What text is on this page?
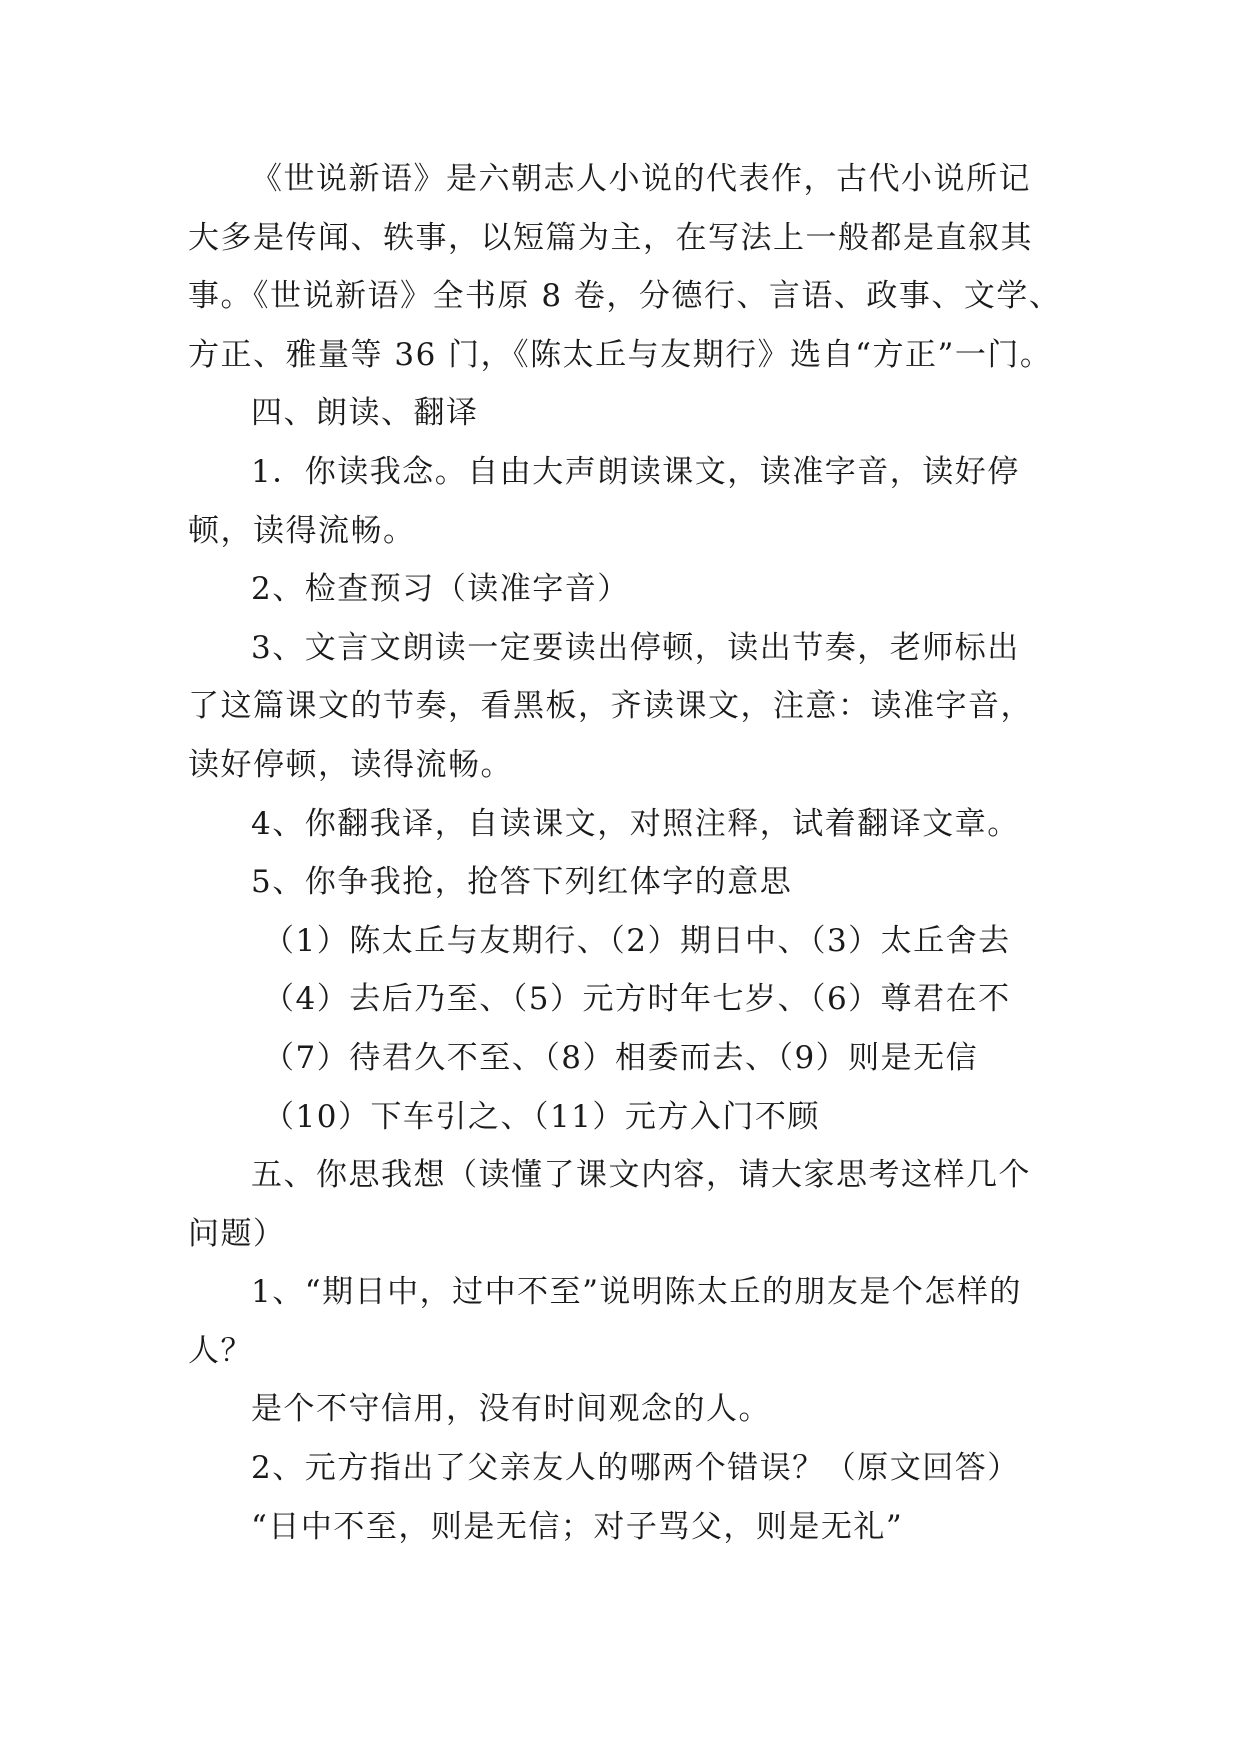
《世说新语》是六朝志人小说的代表作，古代小说所记
大多是传闻、轶事，以短篇为主，在写法上一般都是直叙其
事。《世说新语》全书原 8 卷，分德行、言语、政事、文学、
方正、雅量等 36 门，《陈太丘与友期行》选自“方正”一门。
四、朗读、翻译
1．你读我念。自由大声朗读课文，读准字音，读好停
顿，读得流畅。
2、检查预习（读准字音）
3、文言文朗读一定要读出停顿，读出节奏，老师标出
了这篇课文的节奏，看黑板，齐读课文，注意：读准字音，
读好停顿，读得流畅。
4、你翻我译，自读课文，对照注释，试着翻译文章。
5、你争我抢，抢答下列红体字的意思
（1）陈太丘与友期行、（2）期日中、（3）太丘舍去
（4）去后乃至、（5）元方时年七岁、（6）尊君在不
（7）待君久不至、（8）相委而去、（9）则是无信
（10）下车引之、（11）元方入门不顾
五、你思我想（读懂了课文内容，请大家思考这样几个
问题）
1、“期日中，过中不至”说明陈太丘的朋友是个怎样的
人？
是个不守信用，没有时间观念的人。
2、元方指出了父亲友人的哪两个错误？（原文回答）
“日中不至，则是无信；对子骂父，则是无礼”
